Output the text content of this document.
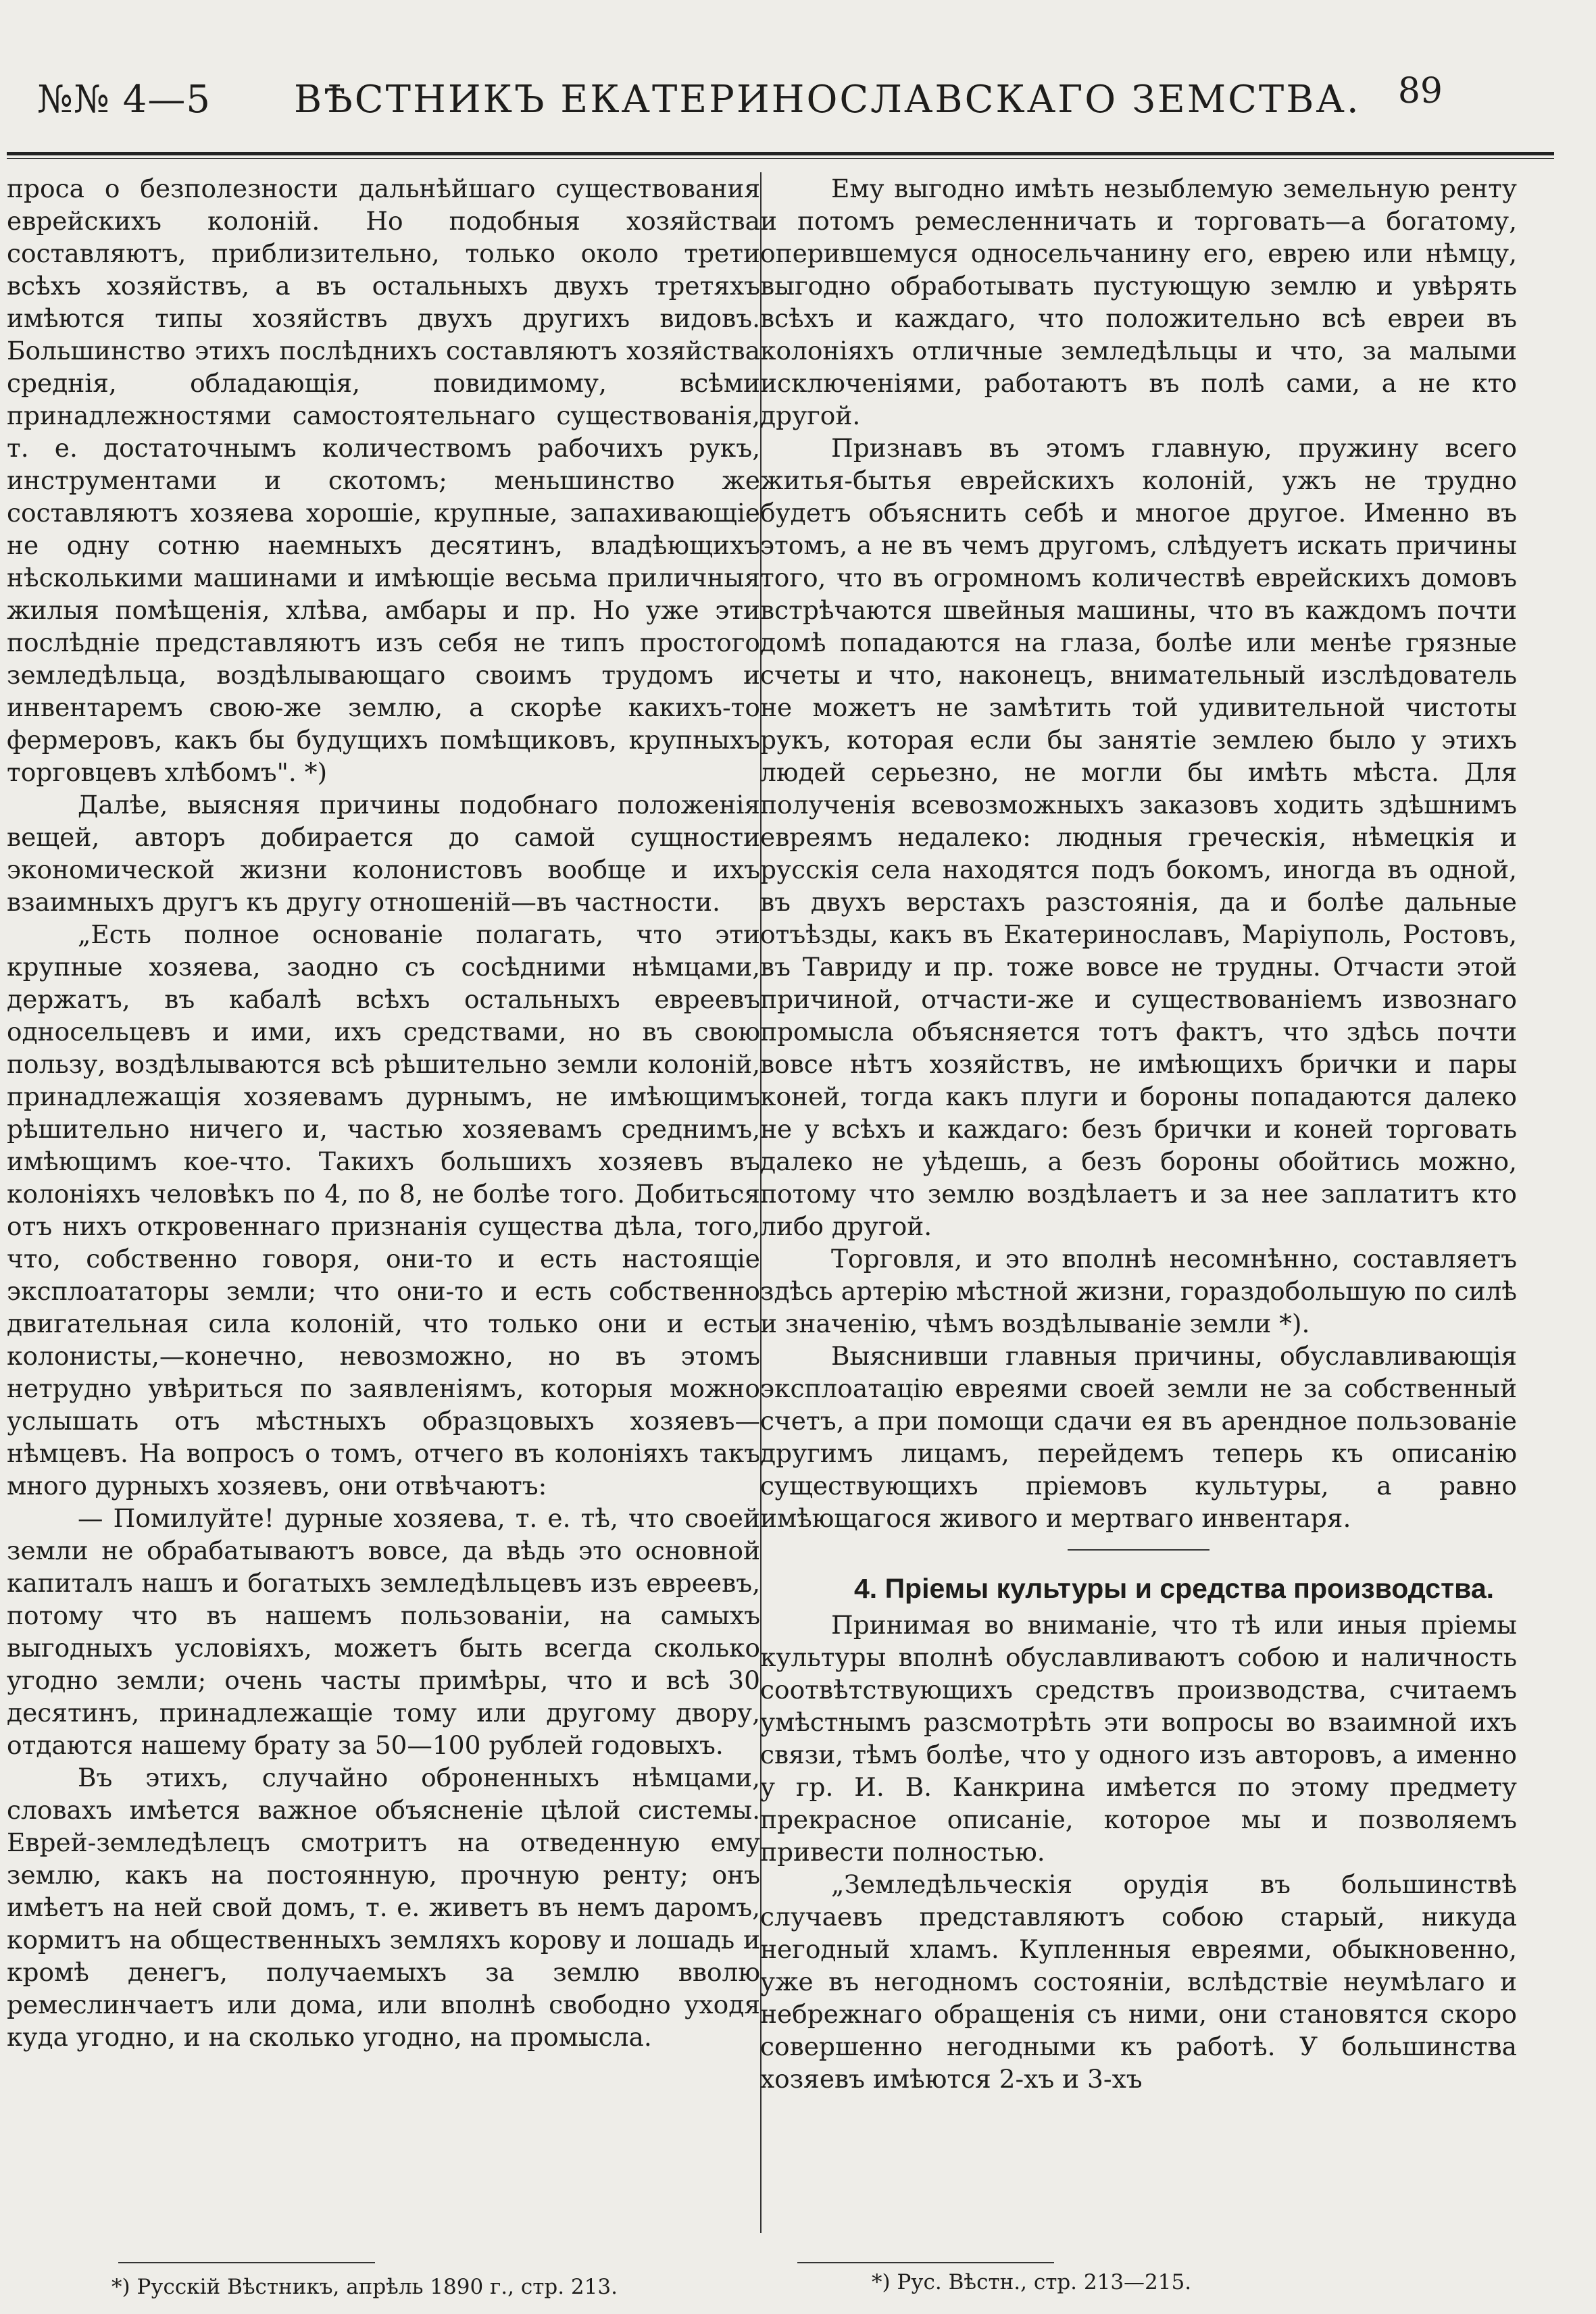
№№ 4—5 ВѢСТНИКЪ ЕКАТЕРИНОСЛАВСКАГО ЗЕМСТВА. 89

проса о безполезности дальнѣйшаго существования еврейскихъ колоній. Но подобныя хозяйства составляютъ, приблизительно, только около трети всѣхъ хозяйствъ, а въ остальныхъ двухъ третяхъ имѣются типы хозяйствъ двухъ другихъ видовъ. Большинство этихъ послѣднихъ составляютъ хозяйства среднія, обладающія, повидимому, всѣми принадлежностями самостоятельнаго существованія, т. е. достаточнымъ количествомъ рабочихъ рукъ, инструментами и скотомъ; меньшинство же составляютъ хозяева хорошіе, крупные, запахивающіе не одну сотню наемныхъ десятинъ, владѣющихъ нѣсколькими машинами и имѣющіе весьма приличныя жилыя помѣщенія, хлѣва, амбары и пр. Но уже эти послѣдніе представляютъ изъ себя не типъ простого земледѣльца, воздѣлывающаго своимъ трудомъ и инвентаремъ свою-же землю, а скорѣе какихъ-то фермеровъ, какъ бы будущихъ помѣщиковъ, крупныхъ торговцевъ хлѣбомъ". *)

Далѣе, выясняя причины подобнаго положенія вещей, авторъ добирается до самой сущности экономической жизни колонистовъ вообще и ихъ взаимныхъ другъ къ другу отношеній—въ частности.

„Есть полное основаніе полагать, что эти крупные хозяева, заодно съ сосѣдними нѣмцами, держатъ, въ кабалѣ всѣхъ остальныхъ евреевъ односельцевъ и ими, ихъ средствами, но въ свою пользу, воздѣлываются всѣ рѣшительно земли колоній, принадлежащія хозяевамъ дурнымъ, не имѣющимъ рѣшительно ничего и, частью хозяевамъ среднимъ, имѣющимъ кое-что. Такихъ большихъ хозяевъ въ колоніяхъ человѣкъ по 4, по 8, не болѣе того. Добиться отъ нихъ откровеннаго признанія существа дѣла, того, что, собственно говоря, они-то и есть настоящіе эксплоататоры земли; что они-то и есть собственно двигательная сила колоній, что только они и есть колонисты,—конечно, невозможно, но въ этомъ нетрудно увѣриться по заявленіямъ, которыя можно услышать отъ мѣстныхъ образцовыхъ хозяевъ—нѣмцевъ. На вопросъ о томъ, отчего въ колоніяхъ такъ много дурныхъ хозяевъ, они отвѣчаютъ:

— Помилуйте! дурные хозяева, т. е. тѣ, что своей земли не обрабатываютъ вовсе, да вѣдь это основной капиталъ нашъ и богатыхъ земледѣльцевъ изъ евреевъ, потому что въ нашемъ пользованіи, на самыхъ выгодныхъ условіяхъ, можетъ быть всегда сколько угодно земли; очень часты примѣры, что и всѣ 30 десятинъ, принадлежащіе тому или другому двору, отдаются нашему брату за 50—100 рублей годовыхъ.

Въ этихъ, случайно оброненныхъ нѣмцами, словахъ имѣется важное объясненіе цѣлой системы. Еврей-земледѣлецъ смотритъ на отведенную ему землю, какъ на постоянную, прочную ренту; онъ имѣетъ на ней свой домъ, т. е. живетъ въ немъ даромъ, кормитъ на общественныхъ земляхъ корову и лошадь и кромѣ денегъ, получаемыхъ за землю вволю ремеслинчаетъ или дома, или вполнѣ свободно уходя куда угодно, и на сколько угодно, на промысла.

Ему выгодно имѣть незыблемую земельную ренту и потомъ ремесленничать и торговать—а богатому, оперившемуся односельчанину его, еврею или нѣмцу, выгодно обработывать пустующую землю и увѣрять всѣхъ и каждаго, что положительно всѣ евреи въ колоніяхъ отличные земледѣльцы и что, за малыми исключеніями, работаютъ въ полѣ сами, а не кто другой.

Признавъ въ этомъ главную, пружину всего житья-бытья еврейскихъ колоній, ужъ не трудно будетъ объяснить себѣ и многое другое. Именно въ этомъ, а не въ чемъ другомъ, слѣдуетъ искать причины того, что въ огромномъ количествѣ еврейскихъ домовъ встрѣчаются швейныя машины, что въ каждомъ почти домѣ попадаются на глаза, болѣе или менѣе грязные счеты и что, наконецъ, внимательный изслѣдователь не можетъ не замѣтить той удивительной чистоты рукъ, которая если бы занятіе землею было у этихъ людей серьезно, не могли бы имѣть мѣста. Для полученія всевозможныхъ заказовъ ходить здѣшнимъ евреямъ недалеко: людныя греческія, нѣмецкія и русскія села находятся подъ бокомъ, иногда въ одной, въ двухъ верстахъ разстоянія, да и болѣе дальные отъѣзды, какъ въ Екатеринославъ, Маріуполь, Ростовъ, въ Тавриду и пр. тоже вовсе не трудны. Отчасти этой причиной, отчасти-же и существованіемъ извознаго промысла объясняется тотъ фактъ, что здѣсь почти вовсе нѣтъ хозяйствъ, не имѣющихъ брички и пары коней, тогда какъ плуги и бороны попадаются далеко не у всѣхъ и каждаго: безъ брички и коней торговать далеко не уѣдешь, а безъ бороны обойтись можно, потому что землю воздѣлаетъ и за нее заплатитъ кто либо другой.

Торговля, и это вполнѣ несомнѣнно, составляетъ здѣсь артерію мѣстной жизни, гораздобольшую по силѣ и значенію, чѣмъ воздѣлываніе земли *).

Выяснивши главныя причины, обуславливающія эксплоатацію евреями своей земли не за собственный счетъ, а при помощи сдачи ея въ арендное пользованіе другимъ лицамъ, перейдемъ теперь къ описанію существующихъ пріемовъ культуры, а равно имѣющагося живого и мертваго инвентаря.

4. Пріемы культуры и средства производства.

Принимая во вниманіе, что тѣ или иныя пріемы культуры вполнѣ обуславливаютъ собою и наличность соотвѣтствующихъ средствъ производства, считаемъ умѣстнымъ разсмотрѣть эти вопросы во взаимной ихъ связи, тѣмъ болѣе, что у одного изъ авторовъ, а именно у гр. И. В. Канкрина имѣется по этому предмету прекрасное описаніе, которое мы и позволяемъ привести полностью.

„Земледѣльческія орудія въ большинствѣ случаевъ представляютъ собою старый, никуда негодный хламъ. Купленныя евреями, обыкновенно, уже въ негодномъ состояніи, вслѣдствіе неумѣлаго и небрежнаго обращенія съ ними, они становятся скоро совершенно негодными къ работѣ. У большинства хозяевъ имѣются 2-хъ и 3-хъ

*) Русскій Вѣстникъ, апрѣль 1890 г., стр. 213.	*) Рус. Вѣстн., стр. 213—215.
